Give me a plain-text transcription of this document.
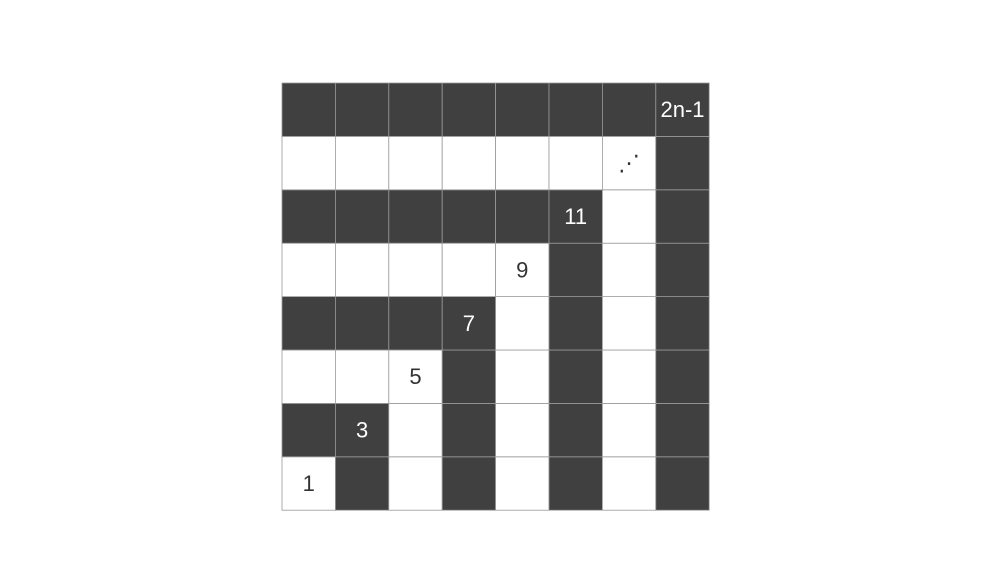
1
3
5
7
9
11
⋰
2n-1
